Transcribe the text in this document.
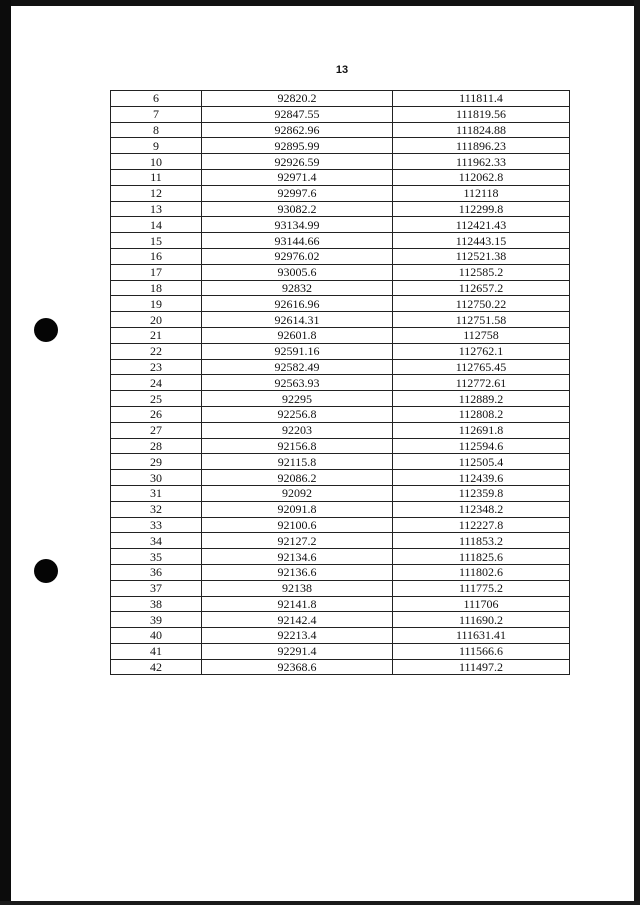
13
6	92820.2	111811.4
7	92847.55	111819.56
8	92862.96	111824.88
9	92895.99	111896.23
10	92926.59	111962.33
11	92971.4	112062.8
12	92997.6	112118
13	93082.2	112299.8
14	93134.99	112421.43
15	93144.66	112443.15
16	92976.02	112521.38
17	93005.6	112585.2
18	92832	112657.2
19	92616.96	112750.22
20	92614.31	112751.58
21	92601.8	112758
22	92591.16	112762.1
23	92582.49	112765.45
24	92563.93	112772.61
25	92295	112889.2
26	92256.8	112808.2
27	92203	112691.8
28	92156.8	112594.6
29	92115.8	112505.4
30	92086.2	112439.6
31	92092	112359.8
32	92091.8	112348.2
33	92100.6	112227.8
34	92127.2	111853.2
35	92134.6	111825.6
36	92136.6	111802.6
37	92138	111775.2
38	92141.8	111706
39	92142.4	111690.2
40	92213.4	111631.41
41	92291.4	111566.6
42	92368.6	111497.2
